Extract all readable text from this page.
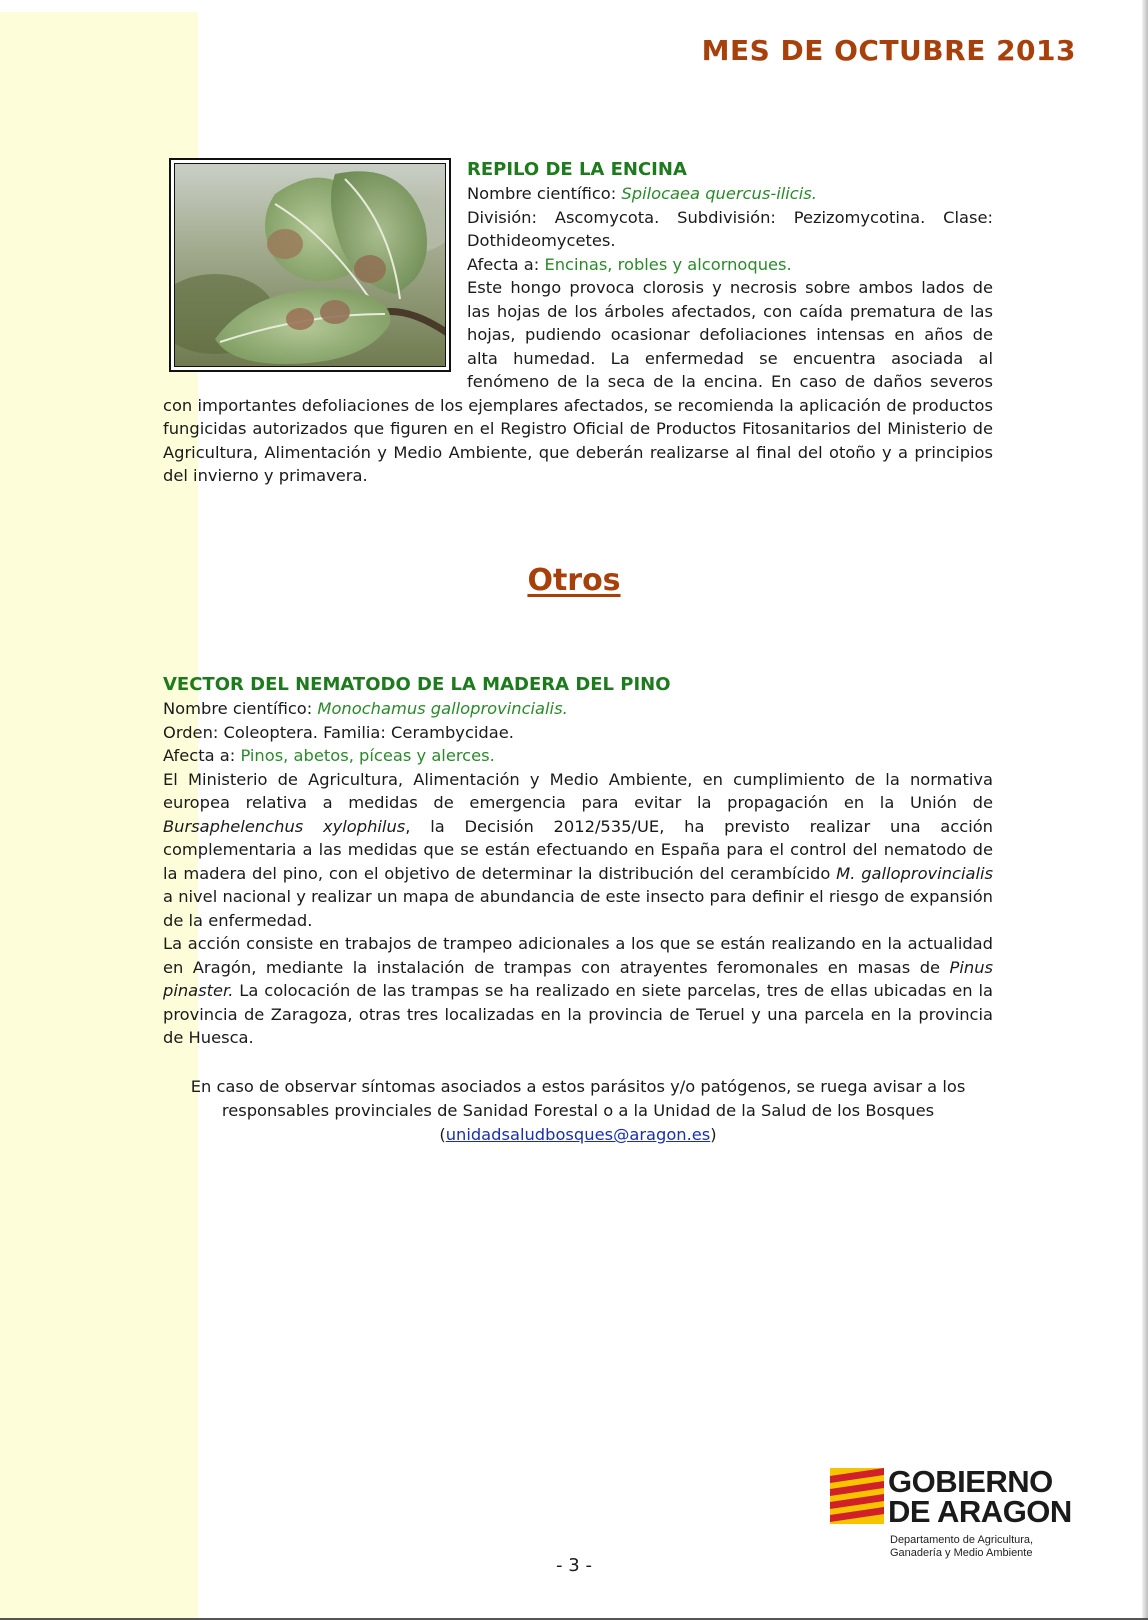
MES DE OCTUBRE 2013

REPILO DE LA ENCINA

Nombre científico: Spilocaea quercus-ilicis.

División: Ascomycota. Subdivisión: Pezizomycotina. Clase: Dothideomycetes.

Afecta a: Encinas, robles y alcornoques.

Este hongo provoca clorosis y necrosis sobre ambos lados de las hojas de los árboles afectados, con caída prematura de las hojas, pudiendo ocasionar defoliaciones intensas en años de alta humedad. La enfermedad se encuentra asociada al fenómeno de la seca de la encina. En caso de daños severos con importantes defoliaciones de los ejemplares afectados, se recomienda la aplicación de productos fungicidas autorizados que figuren en el Registro Oficial de Productos Fitosanitarios del Ministerio de Agricultura, Alimentación y Medio Ambiente, que deberán realizarse al final del otoño y a principios del invierno y primavera.

Otros

VECTOR DEL NEMATODO DE LA MADERA DEL PINO

Nombre científico: Monochamus galloprovincialis.

Orden: Coleoptera. Familia: Cerambycidae.

Afecta a: Pinos, abetos, píceas y alerces.

El Ministerio de Agricultura, Alimentación y Medio Ambiente, en cumplimiento de la normativa europea relativa a medidas de emergencia para evitar la propagación en la Unión de Bursaphelenchus xylophilus, la Decisión 2012/535/UE, ha previsto realizar una acción complementaria a las medidas que se están efectuando en España para el control del nematodo de la madera del pino, con el objetivo de determinar la distribución del cerambícido M. galloprovincialis a nivel nacional y realizar un mapa de abundancia de este insecto para definir el riesgo de expansión de la enfermedad.

La acción consiste en trabajos de trampeo adicionales a los que se están realizando en la actualidad en Aragón, mediante la instalación de trampas con atrayentes feromonales en masas de Pinus pinaster. La colocación de las trampas se ha realizado en siete parcelas, tres de ellas ubicadas en la provincia de Zaragoza, otras tres localizadas en la provincia de Teruel y una parcela en la provincia de Huesca.

En caso de observar síntomas asociados a estos parásitos y/o patógenos, se ruega avisar a los
responsables provinciales de Sanidad Forestal o a la Unidad de la Salud de los Bosques
(unidadsaludbosques@aragon.es)
GOBIERNO
DE ARAGON
Departamento de Agricultura,
Ganadería y Medio Ambiente
- 3 -
